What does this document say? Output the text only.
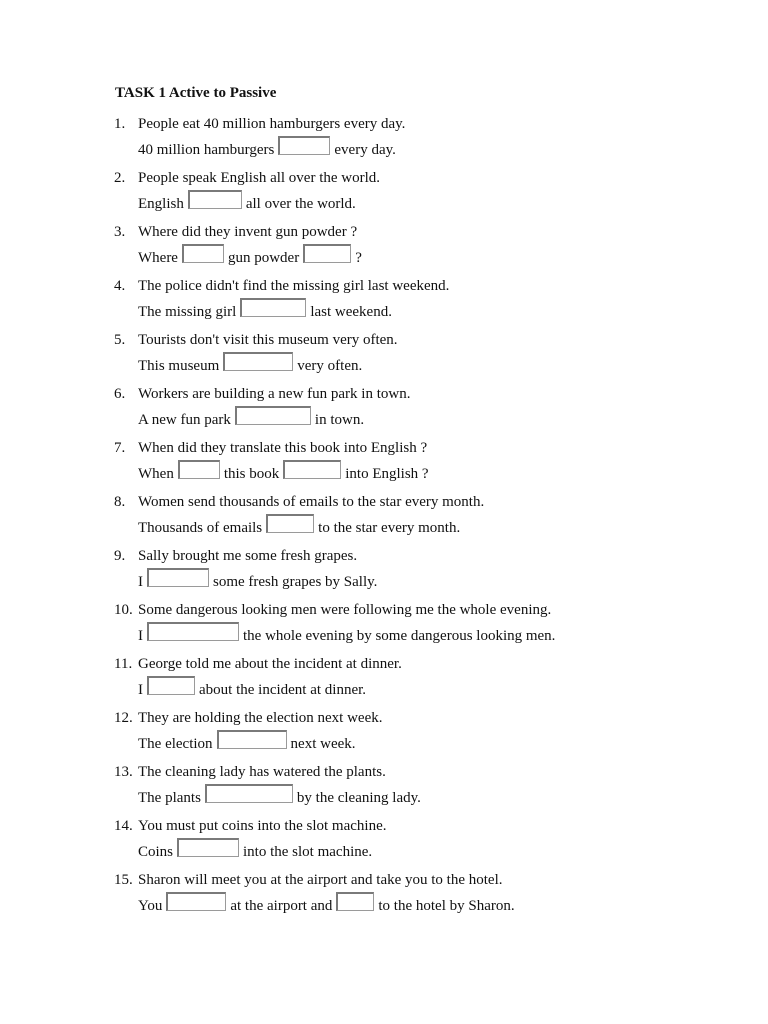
TASK 1 Active to Passive
1. People eat 40 million hamburgers every day.
40 million hamburgers	every day.
2. People speak English all over the world.
English	all over the world.
3. Where did they invent gun powder ?
Where	gun powder	?
4. The police didn't find the missing girl last weekend.
The missing girl	last weekend.
5. Tourists don't visit this museum very often.
This museum	very often.
6. Workers are building a new fun park in town.
A new fun park	in town.
7. When did they translate this book into English ?
When	this book	into English ?
8. Women send thousands of emails to the star every month.
Thousands of emails	to the star every month.
9. Sally brought me some fresh grapes.
I	some fresh grapes by Sally.
10. Some dangerous looking men were following me the whole evening.
I	the whole evening by some dangerous looking men.
11. George told me about the incident at dinner.
I	about the incident at dinner.
12. They are holding the election next week.
The election	next week.
13. The cleaning lady has watered the plants.
The plants	by the cleaning lady.
14. You must put coins into the slot machine.
Coins	into the slot machine.
15. Sharon will meet you at the airport and take you to the hotel.
You	at the airport and	to the hotel by Sharon.
